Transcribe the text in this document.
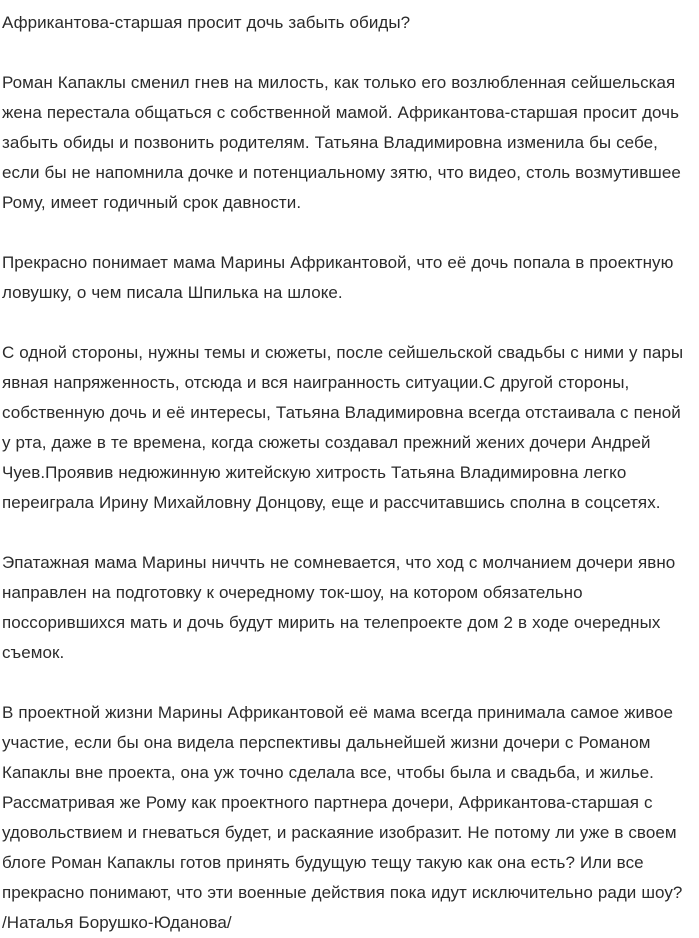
Африкантова-старшая просит дочь забыть обиды?

Роман Капаклы сменил гнев на милость, как только его возлюбленная сейшельская жена перестала общаться с собственной мамой. Африкантова-старшая просит дочь забыть обиды и позвонить родителям. Татьяна Владимировна изменила бы себе, если бы не напомнила дочке и потенциальному зятю, что видео, столь возмутившее Рому, имеет годичный срок давности.

Прекрасно понимает мама Марины Африкантовой, что её дочь попала в проектную ловушку, о чем писала Шпилька на шлоке.

С одной стороны, нужны темы и сюжеты, после сейшельской свадьбы с ними у пары явная напряженность, отсюда и вся наигранность ситуации.С другой стороны, собственную дочь и её интересы, Татьяна Владимировна всегда отстаивала с пеной у рта, даже в те времена, когда сюжеты создавал прежний жених дочери Андрей Чуев.Проявив недюжинную житейскую хитрость Татьяна Владимировна легко переиграла Ирину Михайловну Донцову, еще и рассчитавшись сполна в соцсетях.

Эпатажная мама Марины ниччть не сомневается, что ход с молчанием дочери явно направлен на подготовку к очередному ток-шоу, на котором обязательно поссорившихся мать и дочь будут мирить на телепроекте дом 2 в ходе очередных съемок.

В проектной жизни Марины Африкантовой её мама всегда принимала самое живое участие, если бы она видела перспективы дальнейшей жизни дочери с Романом Капаклы вне проекта, она уж точно сделала все, чтобы была и свадьба, и жилье. Рассматривая же Рому как проектного партнера дочери, Африкантова-старшая с удовольствием и гневаться будет, и раскаяние изобразит. Не потому ли уже в своем блоге Роман Капаклы готов принять будущую тещу такую как она есть? Или все прекрасно понимают, что эти военные действия пока идут исключительно ради шоу?

/Наталья Борушко-Юданова/
